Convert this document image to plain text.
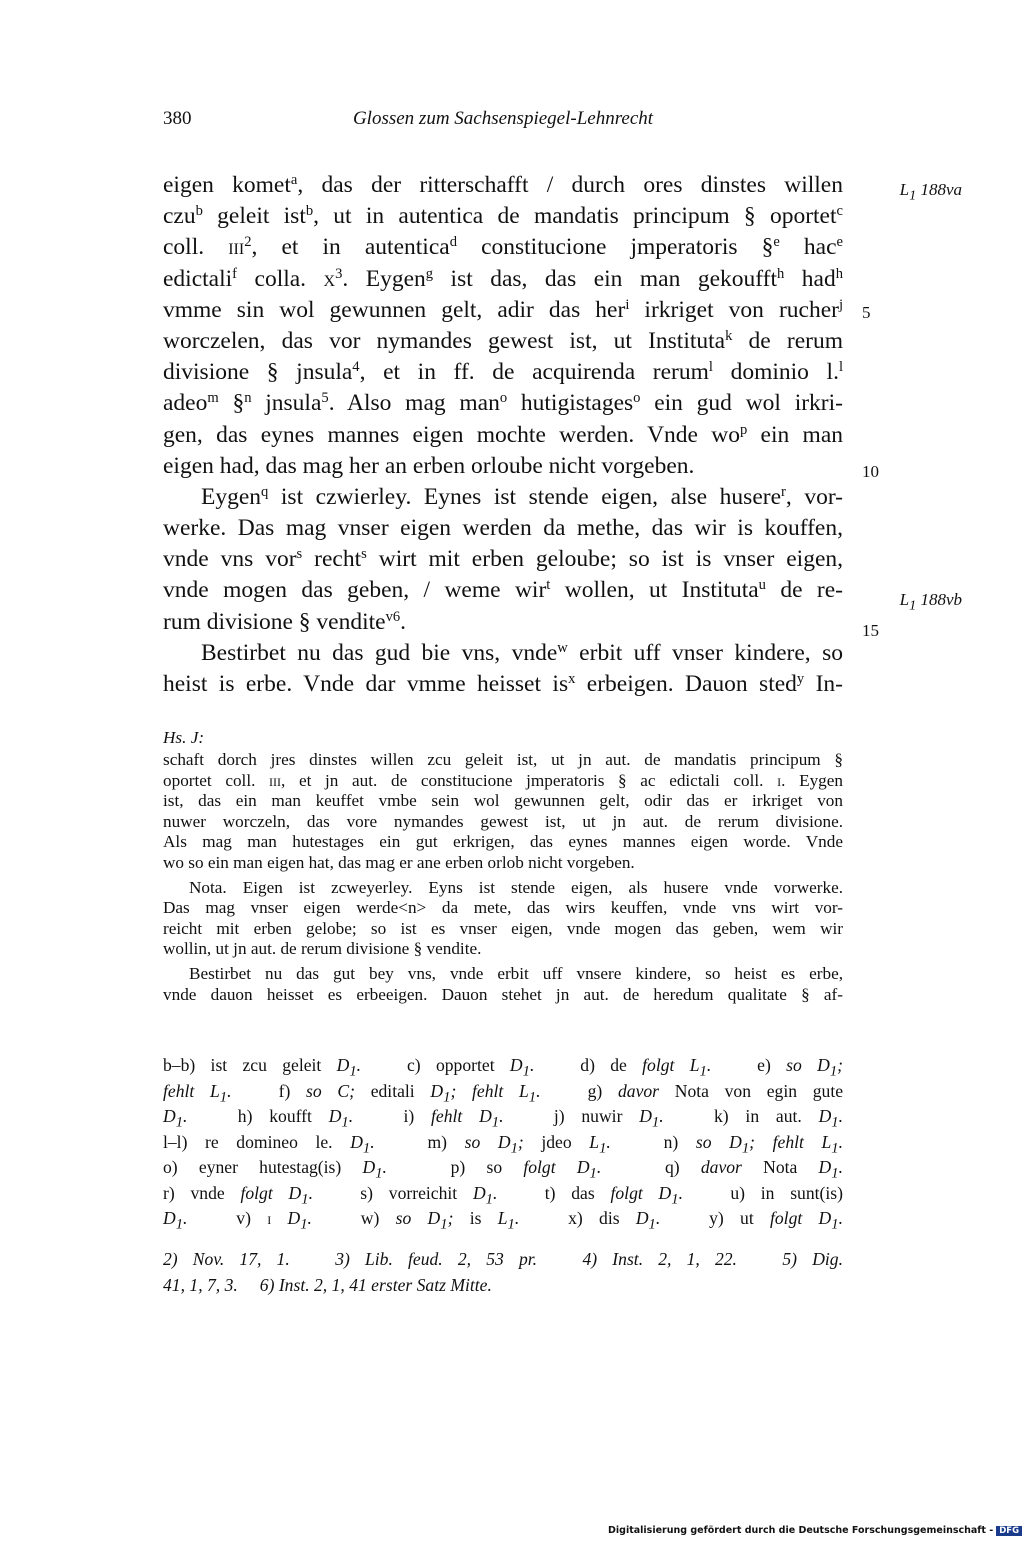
380	Glossen zum Sachsenspiegel-Lehnrecht
eigen komet$^a$, das der ritterschafft / durch ores dinstes willen
czu$^b$ geleit ist$^b$, ut in autentica de mandatis principum § oportet$^c$
coll. iii$^2$, et in autentica$^d$ constitucione jmperatoris §$^e$ hac$^e$
edictali$^f$ colla. $x^3$. Eygen$^g$ ist das, das ein man gekoufft$^h$ had$^h$
vmme sin wol gewunnen gelt, adir das her$^i$ irkriget von rucher$^j$
worczelen, das vor nymandes gewest ist, ut Instituta$^k$ de rerum
divisione § jnsula$^4$, et in ff. de acquirenda rerum$^l$ dominio l.$^l$
adeo$^m$ §$^n$ jnsula$^5$. Also mag man$^o$ hutigistages$^o$ ein gud wol irkri-
gen, das eynes mannes eigen mochte werden. Vnde $wo^p$ ein man
eigen had, das mag her an erben orloube nicht vorgeben.
Eygen$^q$ ist czwierley. Eynes ist stende eigen, alse husere$^r$, vor-
werke. Das mag vnser eigen werden da methe, das wir is kouffen,
vnde vns vor$^s$ recht$^s$ wirt mit erben geloube; so ist is vnser eigen,
vnde mogen das geben, / weme wir$^t$ wollen, ut Instituta$^u$ de re-
rum divisione § vendite$^{v6}$.
Bestirbet nu das gud bie vns, vnde$^w$ erbit uff vnser kindere, so
heist is erbe. Vnde dar vmme heisset $is^x$ erbeigen. Dauon sted$^y$ In-
5
10
15
$L_1$ 188va
$L_1$ 188vb
Hs. J:
schaft dorch jres dinstes willen zcu geleit ist, ut jn aut. de mandatis principum §
oportet coll. iii, et jn aut. de constitucione jmperatoris § ac edictali coll. i. Eygen
ist, das ein man keuffet vmbe sein wol gewunnen gelt, odir das er irkriget von
nuwer worczeln, das vore nymandes gewest ist, ut jn aut. de rerum divisione.
Als mag man hutestages ein gut erkrigen, das eynes mannes eigen worde. Vnde
wo so ein man eigen hat, das mag er ane erben orlob nicht vorgeben.
Nota. Eigen ist zcweyerley. Eyns ist stende eigen, als husere vnde vorwerke.
Das mag vnser eigen werde<n> da mete, das wirs keuffen, vnde vns wirt vor-
reicht mit erben gelobe; so ist es vnser eigen, vnde mogen das geben, wem wir
wollin, ut jn aut. de rerum divisione § vendite.
Bestirbet nu das gut bey vns, vnde erbit uff vnsere kindere, so heist es erbe,
vnde dauon heisset es erbeeigen. Dauon stehet jn aut. de heredum qualitate § af-
b–b) ist zcu geleit $D_1$.   c) opportet $D_1$.   d) de folgt $L_1$.   e) so $D_1$;
fehlt $L_1$.   f) so C; editali $D_1$; fehlt $L_1$.   g) davor Nota von egin gute
$D_1$.   h) koufft $D_1$.   i) fehlt $D_1$.   j) nuwir $D_1$.   k) in aut. $D_1$.
l–l) re domineo le. $D_1$.   m) so $D_1$; jdeo $L_1$.   n) so $D_1$; fehlt $L_1$.
o) eyner hutestag(is) $D_1$.   p) so folgt $D_1$.   q) davor Nota $D_1$.
r) vnde folgt $D_1$.   s) vorreichit $D_1$.   t) das folgt $D_1$.   u) in sunt(is)
$D_1$.   v) i $D_1$.   w) so $D_1$; is $L_1$.   x) dis $D_1$.   y) ut folgt $D_1$.
2) Nov. 17, 1.   3) Lib. feud. 2, 53 pr.   4) Inst. 2, 1, 22.   5) Dig.
41, 1, 7, 3.     6) Inst. 2, 1, 41 erster Satz Mitte.
Digitalisierung gefördert durch die Deutsche Forschungsgemeinschaft - DFG
